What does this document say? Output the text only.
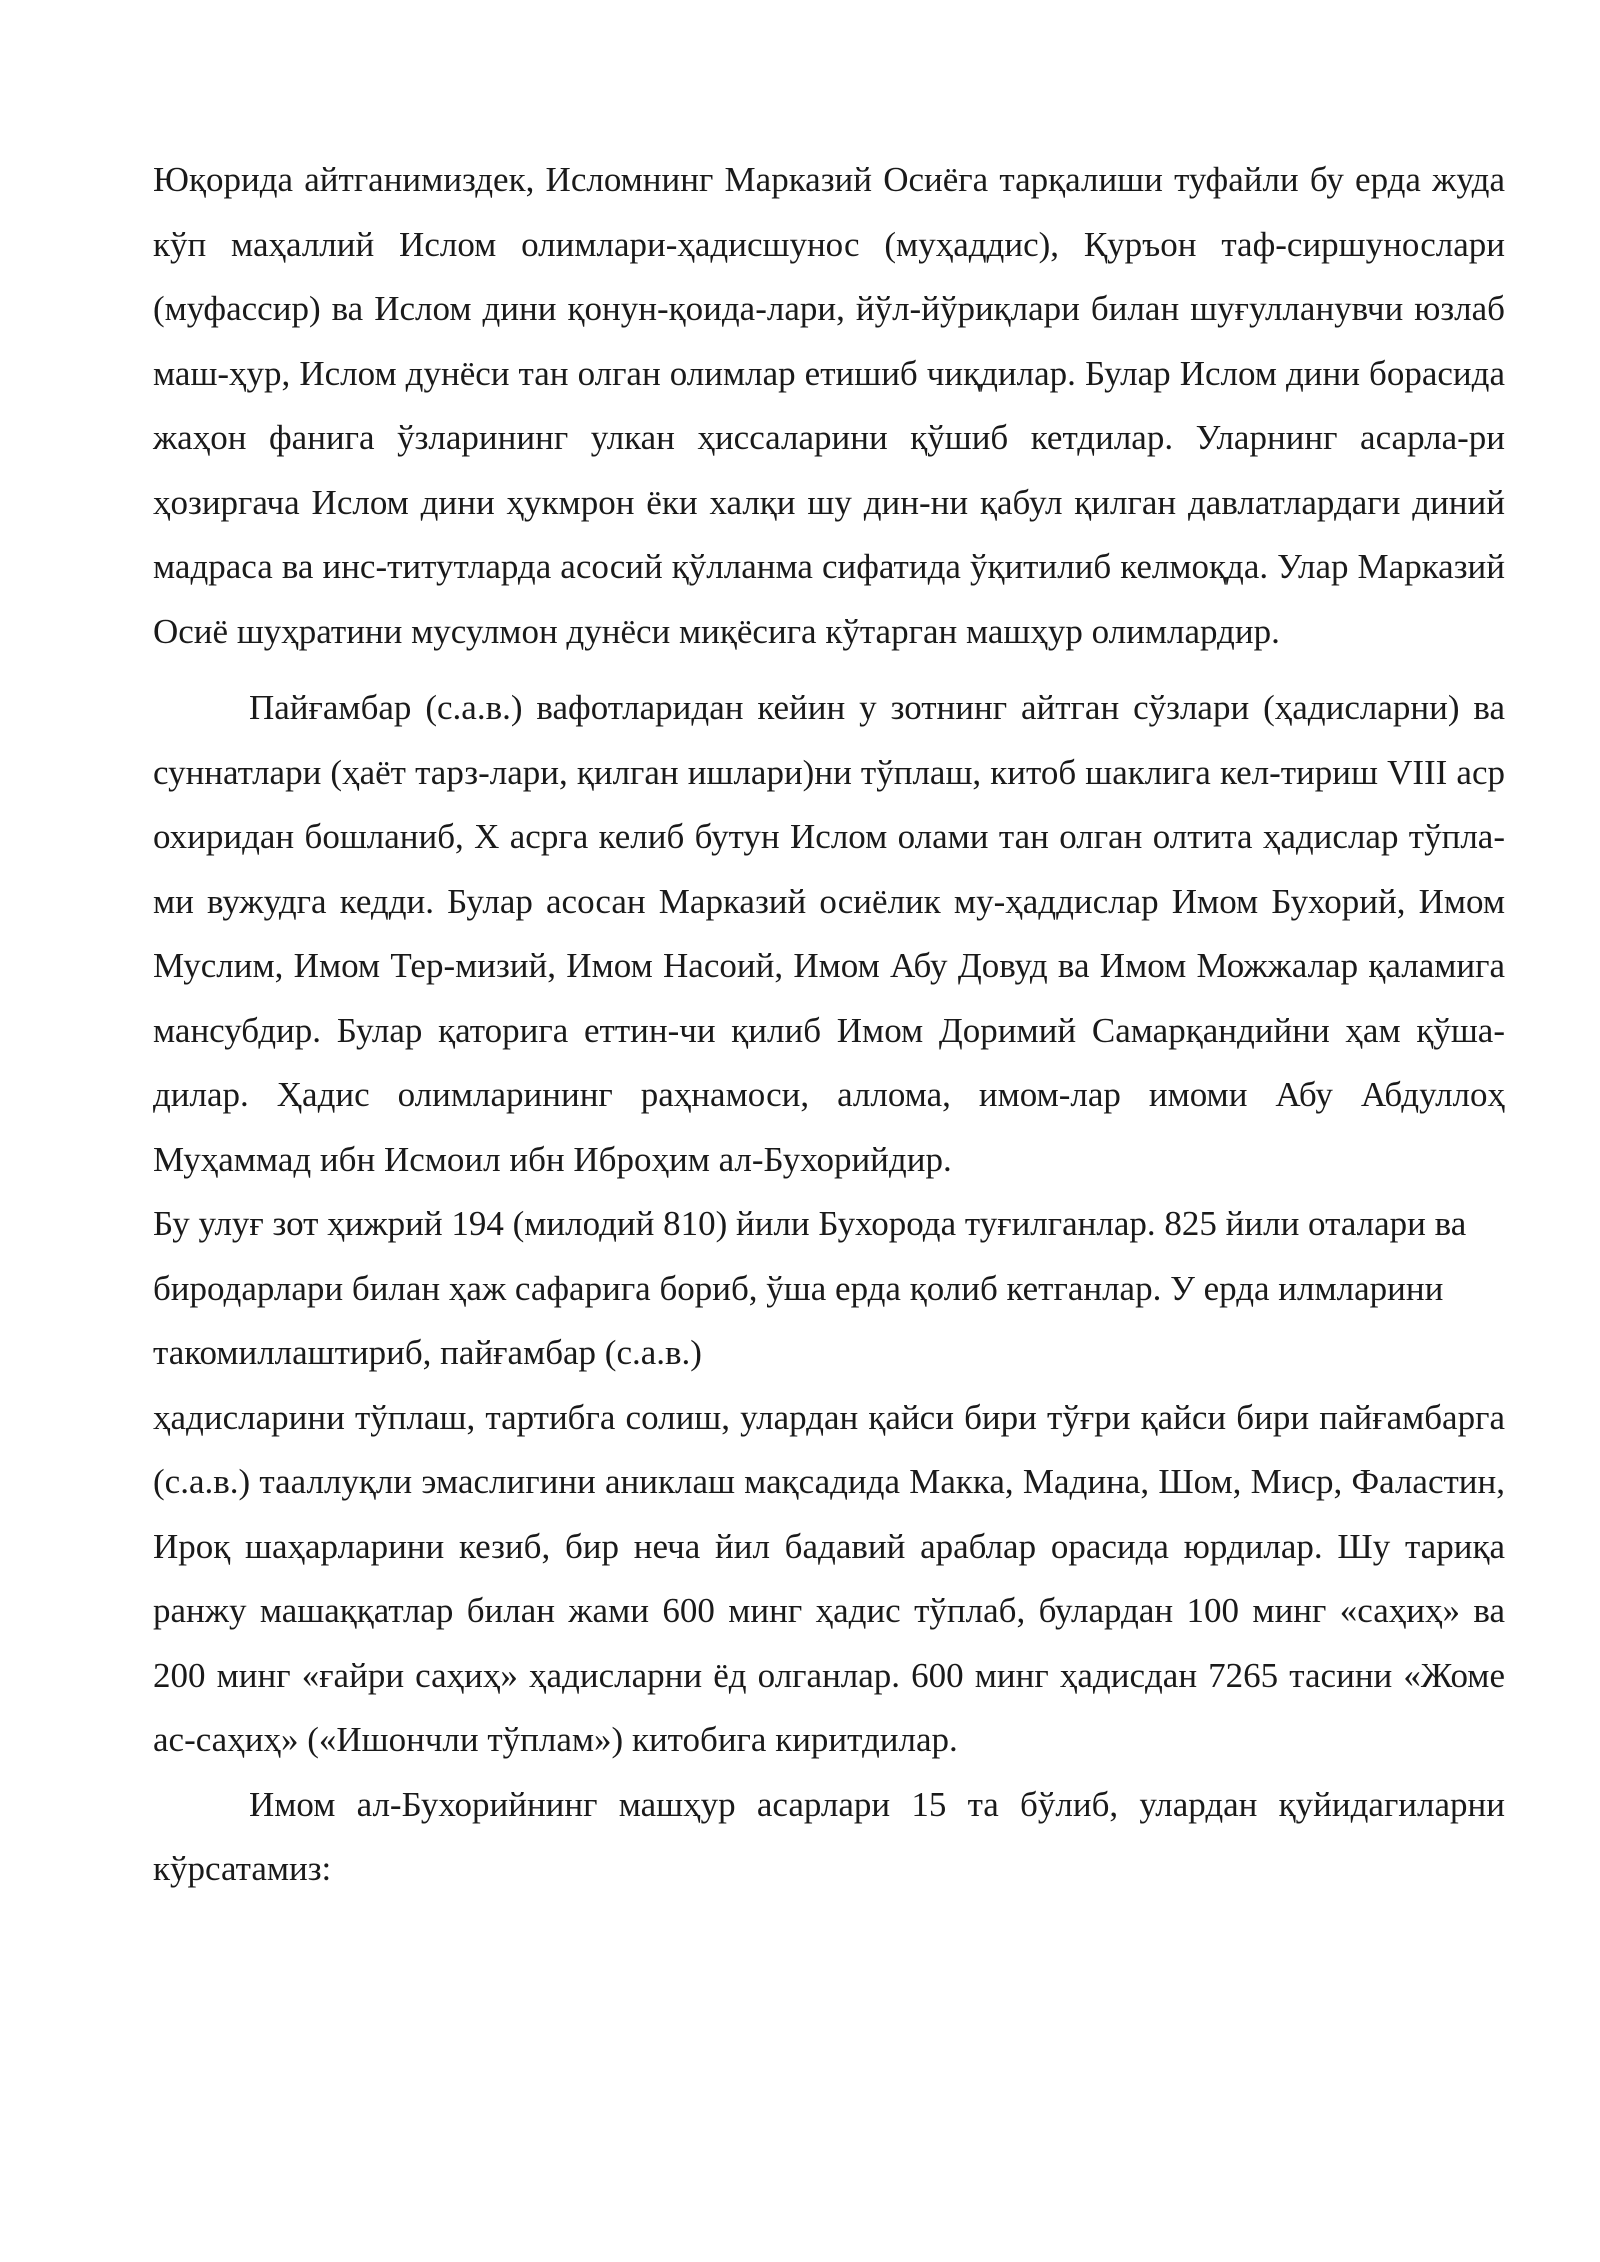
Юқорида айтганимиздек, Исломнинг Марказий Осиёга тарқалиши туфайли бу ерда жуда кўп маҳаллий Ислом олимлари-ҳадисшунос (муҳаддис), Қуръон таф-сиршунослари (муфассир) ва Ислом дини қонун-қоида-лари, йўл-йўриқлари билан шуғулланувчи юзлаб маш-ҳур, Ислом дунёси тан олган олимлар етишиб чиқдилар. Булар Ислом дини борасида жаҳон фанига ўзларининг улкан ҳиссаларини қўшиб кетдилар. Уларнинг асарла-ри ҳозиргача Ислом дини ҳукмрон ёки халқи шу дин-ни қабул қилган давлатлардаги диний мадраса ва инс-титутларда асосий қўлланма сифатида ўқитилиб келмоқда. Улар Марказий Осиё шуҳратини мусулмон дунёси миқёсига кўтарган машҳур олимлардир.

Пайғамбар (с.а.в.) вафотларидан кейин у зотнинг айтган сўзлари (ҳадисларни) ва суннатлари (ҳаёт тарз-лари, қилган ишлари)ни тўплаш, китоб шаклига кел-тириш VIII аср охиридан бошланиб, X асрга келиб бутун Ислом олами тан олган олтита ҳадислар тўпла-ми вужудга кедди. Булар асосан Марказий осиёлик му-ҳаддислар Имом Бухорий, Имом Муслим, Имом Тер-мизий, Имом Насоий, Имом Абу Довуд ва Имом Можжалар қаламига мансубдир. Булар қаторига еттин-чи қилиб Имом Доримий Самарқандийни ҳам қўша-дилар. Ҳадис олимларининг раҳнамоси, аллома, имом-лар имоми Абу Абдуллоҳ Муҳаммад ибн Исмоил ибн Иброҳим ал-Бухорийдир.

Бу улуғ зот ҳижрий 194 (милодий 810) йили Бухорода туғилганлар. 825 йили оталари ва биродарлари билан ҳаж сафарига бориб, ўша ерда қолиб кетганлар. У ерда илмларини такомиллаштириб, пайғамбар (с.а.в.)

ҳадисларини тўплаш, тартибга солиш, улардан қайси бири тўғри қайси бири пайғамбарга (с.а.в.) тааллуқли эмаслигини аниклаш мақсадида Макка, Мадина, Шом, Миср, Фаластин, Ироқ шаҳарларини кезиб, бир неча йил бадавий араблар орасида юрдилар. Шу тариқа ранжу машаққатлар билан жами 600 минг ҳадис тўплаб, булардан 100 минг «саҳиҳ» ва 200 минг «ғайри саҳиҳ» ҳадисларни ёд олганлар. 600 минг ҳадисдан 7265 тасини «Жоме ас-саҳиҳ» («Ишончли тўплам») китобига киритдилар.

Имом ал-Бухорийнинг машҳур асарлари 15 та бўлиб, улардан қуйидагиларни кўрсатамиз:
